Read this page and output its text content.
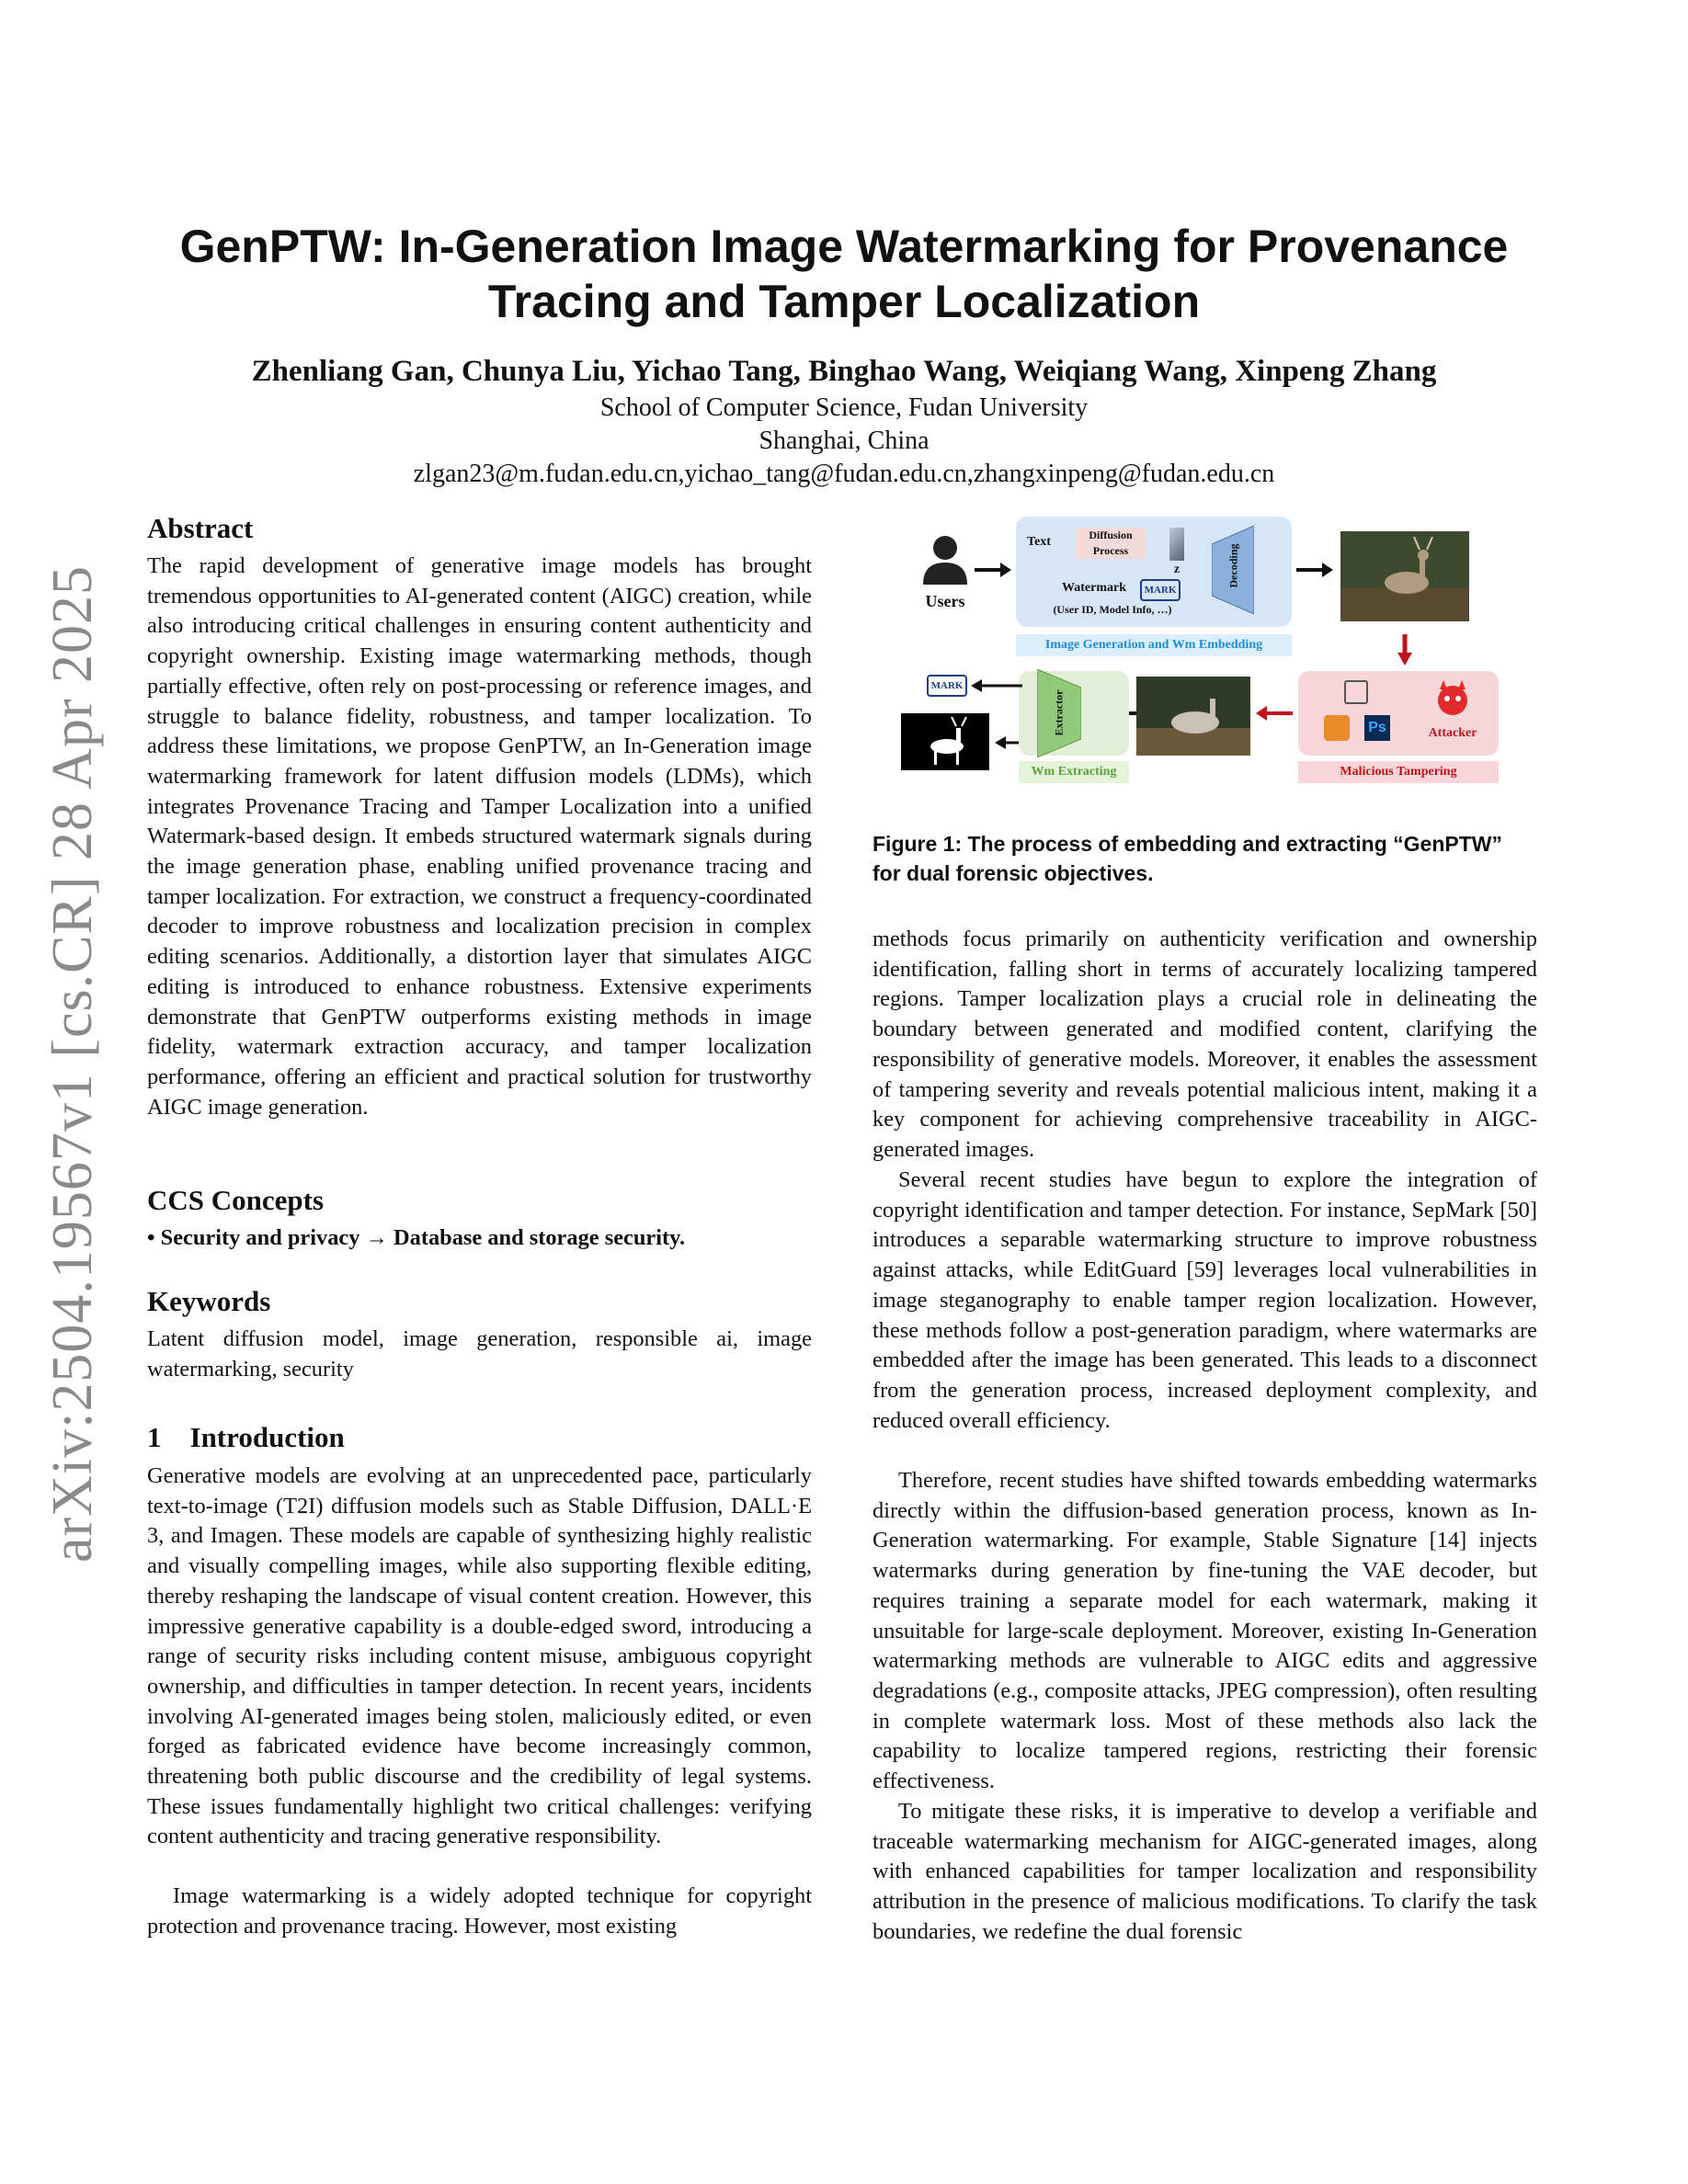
arXiv:2504.19567v1 [cs.CR] 28 Apr 2025
GenPTW: In-Generation Image Watermarking for Provenance
Tracing and Tamper Localization
Zhenliang Gan, Chunya Liu, Yichao Tang, Binghao Wang, Weiqiang Wang, Xinpeng Zhang
School of Computer Science, Fudan University
Shanghai, China
zlgan23@m.fudan.edu.cn,yichao_tang@fudan.edu.cn,zhangxinpeng@fudan.edu.cn
Abstract
The rapid development of generative image models has brought tremendous opportunities to AI-generated content (AIGC) creation, while also introducing critical challenges in ensuring content authenticity and copyright ownership. Existing image watermarking methods, though partially effective, often rely on post-processing or reference images, and struggle to balance fidelity, robustness, and tamper localization. To address these limitations, we propose GenPTW, an In-Generation image watermarking framework for latent diffusion models (LDMs), which integrates Provenance Tracing and Tamper Localization into a unified Watermark-based design. It embeds structured watermark signals during the image generation phase, enabling unified provenance tracing and tamper localization. For extraction, we construct a frequency-coordinated decoder to improve robustness and localization precision in complex editing scenarios. Additionally, a distortion layer that simulates AIGC editing is introduced to enhance robustness. Extensive experiments demonstrate that GenPTW outperforms existing methods in image fidelity, watermark extraction accuracy, and tamper localization performance, offering an efficient and practical solution for trustworthy AIGC image generation.
CCS Concepts
• Security and privacy → Database and storage security.
Keywords
Latent diffusion model, image generation, responsible ai, image watermarking, security
1    Introduction
Generative models are evolving at an unprecedented pace, particularly text-to-image (T2I) diffusion models such as Stable Diffusion, DALL·E 3, and Imagen. These models are capable of synthesizing highly realistic and visually compelling images, while also supporting flexible editing, thereby reshaping the landscape of visual content creation. However, this impressive generative capability is a double-edged sword, introducing a range of security risks including content misuse, ambiguous copyright ownership, and difficulties in tamper detection. In recent years, incidents involving AI-generated images being stolen, maliciously edited, or even forged as fabricated evidence have become increasingly common, threatening both public discourse and the credibility of legal systems. These issues fundamentally highlight two critical challenges: verifying content authenticity and tracing generative responsibility.
Image watermarking is a widely adopted technique for copyright protection and provenance tracing. However, most existing
Users
Text	Diffusion Process
z
Watermark	MARK
(User ID, Model Info, …)
Decoding
Image Generation and Wm Embedding
Ps	Attacker
Malicious Tampering
Extractor
Wm Extracting
MARK
Figure 1: The process of embedding and extracting “GenPTW” for dual forensic objectives.
methods focus primarily on authenticity verification and ownership identification, falling short in terms of accurately localizing tampered regions. Tamper localization plays a crucial role in delineating the boundary between generated and modified content, clarifying the responsibility of generative models. Moreover, it enables the assessment of tampering severity and reveals potential malicious intent, making it a key component for achieving comprehensive traceability in AIGC-generated images.
Several recent studies have begun to explore the integration of copyright identification and tamper detection. For instance, SepMark [50] introduces a separable watermarking structure to improve robustness against attacks, while EditGuard [59] leverages local vulnerabilities in image steganography to enable tamper region localization. However, these methods follow a post-generation paradigm, where watermarks are embedded after the image has been generated. This leads to a disconnect from the generation process, increased deployment complexity, and reduced overall efficiency.
Therefore, recent studies have shifted towards embedding watermarks directly within the diffusion-based generation process, known as In-Generation watermarking. For example, Stable Signature [14] injects watermarks during generation by fine-tuning the VAE decoder, but requires training a separate model for each watermark, making it unsuitable for large-scale deployment. Moreover, existing In-Generation watermarking methods are vulnerable to AIGC edits and aggressive degradations (e.g., composite attacks, JPEG compression), often resulting in complete watermark loss. Most of these methods also lack the capability to localize tampered regions, restricting their forensic effectiveness.
To mitigate these risks, it is imperative to develop a verifiable and traceable watermarking mechanism for AIGC-generated images, along with enhanced capabilities for tamper localization and responsibility attribution in the presence of malicious modifications. To clarify the task boundaries, we redefine the dual forensic
